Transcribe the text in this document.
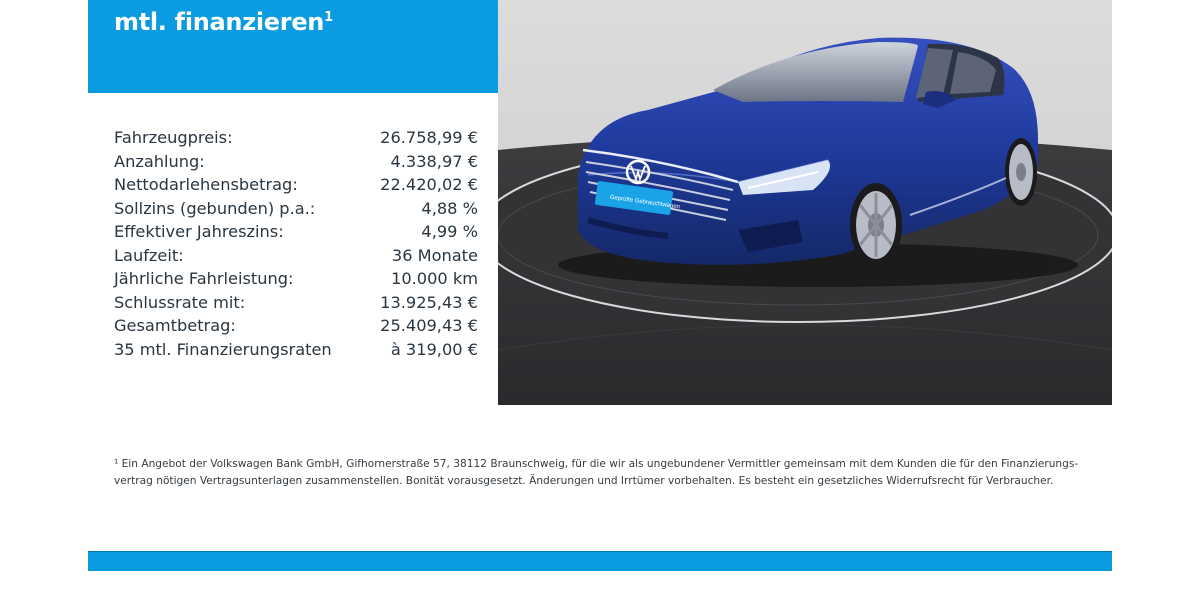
mtl. finanzieren$^1$
Fahrzeugpreis:	26.758,99 €
Anzahlung:	4.338,97 €
Nettodarlehensbetrag:	22.420,02 €
Sollzins (gebunden) p.a.:	4,88 %
Effektiver Jahreszins:	4,99 %
Laufzeit:	36 Monate
Jährliche Fahrleistung:	10.000 km
Schlussrate mit:	13.925,43 €
Gesamtbetrag:	25.409,43 €
35 mtl. Finanzierungsraten	à 319,00 €
Geprüfte Gebrauchtwagen
¹ Ein Angebot der Volkswagen Bank GmbH, Gifhornerstraße 57, 38112 Braunschweig, für die wir als ungebundener Vermittler gemeinsam mit dem Kunden die für den Finanzierungs-
vertrag nötigen Vertragsunterlagen zusammenstellen. Bonität vorausgesetzt. Änderungen und Irrtümer vorbehalten. Es besteht ein gesetzliches Widerrufsrecht für Verbraucher.
